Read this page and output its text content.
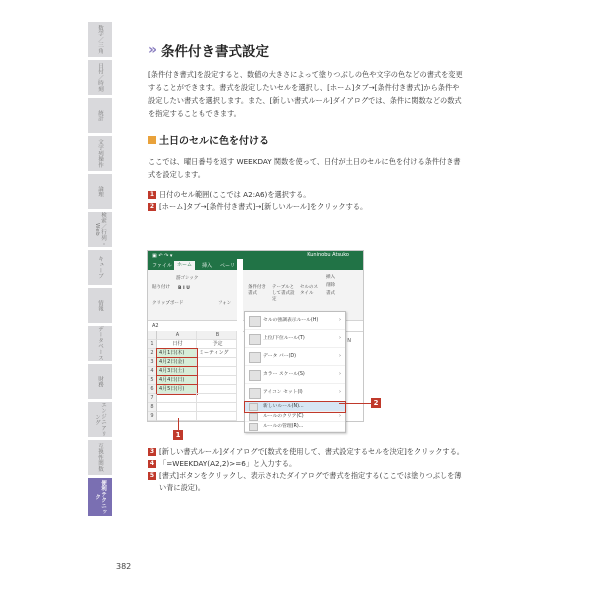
数学／三角
日付／時刻
統計
文字列操作
論理
検索／行列・Web
キューブ
情報
データベース
財務
エンジニアリング
互換性関数
便利テクニック
382
» 条件付き書式設定

[条件付き書式]を設定すると、数値の大きさによって塗りつぶしの色や文字の色などの書式を変更することができます。書式を設定したいセルを選択し、[ホーム]タブ→[条件付き書式]から条件や設定したい書式を選択します。また、[新しい書式ルール]ダイアログでは、条件に関数などの数式を指定することもできます。

土日のセルに色を付ける

ここでは、曜日番号を返す WEEKDAY 関数を使って、日付が土日のセルに色を付ける条件付き書式を設定します。

1 日付のセル範囲(ここでは A2:A6)を選択する。
2 [ホーム]タブ→[条件付き書式]→[新しいルール]をクリックする。
▣ ↶ ↷ ▾	Kuninobu Atsuko
ファイル	ホーム	挿入 ペーリ
貼り付け
游ゴシック
B I U
クリップボード	フォン
条件付き書式
テーブルとして書式設定
セルのスタイル
挿入
削除
書式
A2
A	B
1	日付	予定
2	4月1日(木)	ミーティング
3	4月2日(金)
4	4月3日(土)
5	4月4日(日)
6	4月5日(月)
7
8
9
N
セルの強調表示ルール(H)	›
上位/下位ルール(T)	›
データ バー(D)	›
カラー スケール(S)	›
アイコン セット(I)	›
新しいルール(N)...
ルールのクリア(C)	›
ルールの管理(R)...
2
1
3 [新しい書式ルール]ダイアログで[数式を使用して、書式設定するセルを決定]をクリックする。
4 「=WEEKDAY(A2,2)>=6」と入力する。
5 [書式]ボタンをクリックし、表示されたダイアログで書式を指定する(ここでは塗りつぶしを薄い青に設定)。
